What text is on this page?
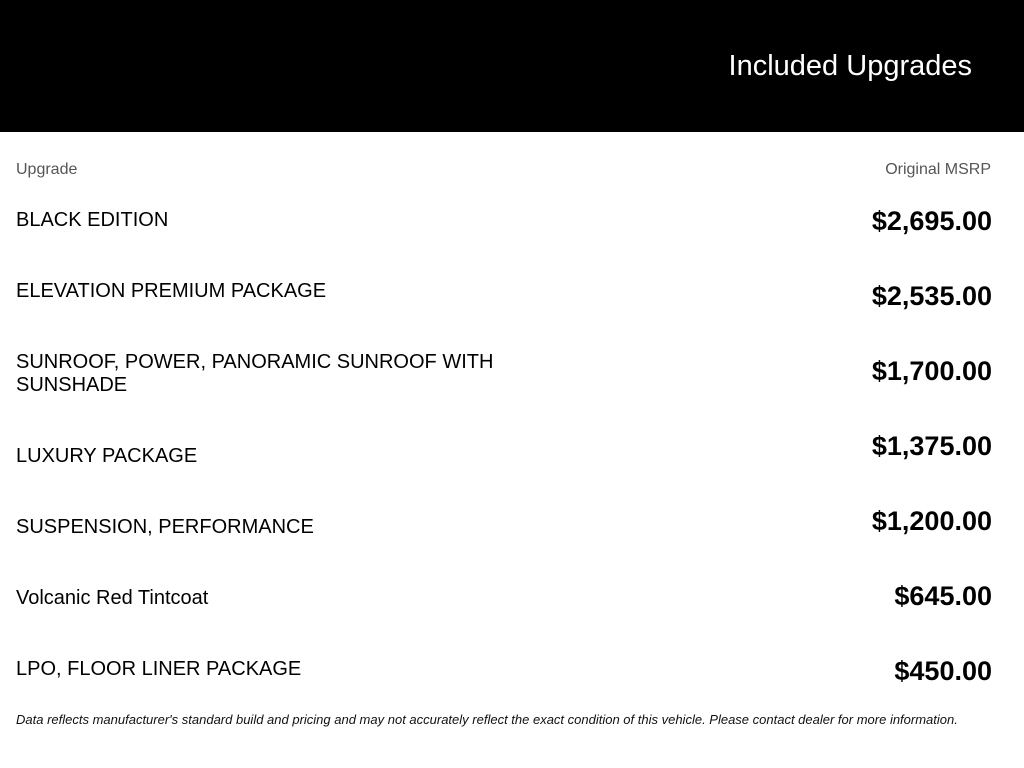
Included Upgrades
Upgrade	Original MSRP
BLACK EDITION	$2,695.00
ELEVATION PREMIUM PACKAGE	$2,535.00
SUNROOF, POWER, PANORAMIC SUNROOF WITH SUNSHADE	$1,700.00
LUXURY PACKAGE	$1,375.00
SUSPENSION, PERFORMANCE	$1,200.00
Volcanic Red Tintcoat	$645.00
LPO, FLOOR LINER PACKAGE	$450.00
Data reflects manufacturer's standard build and pricing and may not accurately reflect the exact condition of this vehicle. Please contact dealer for more information.
